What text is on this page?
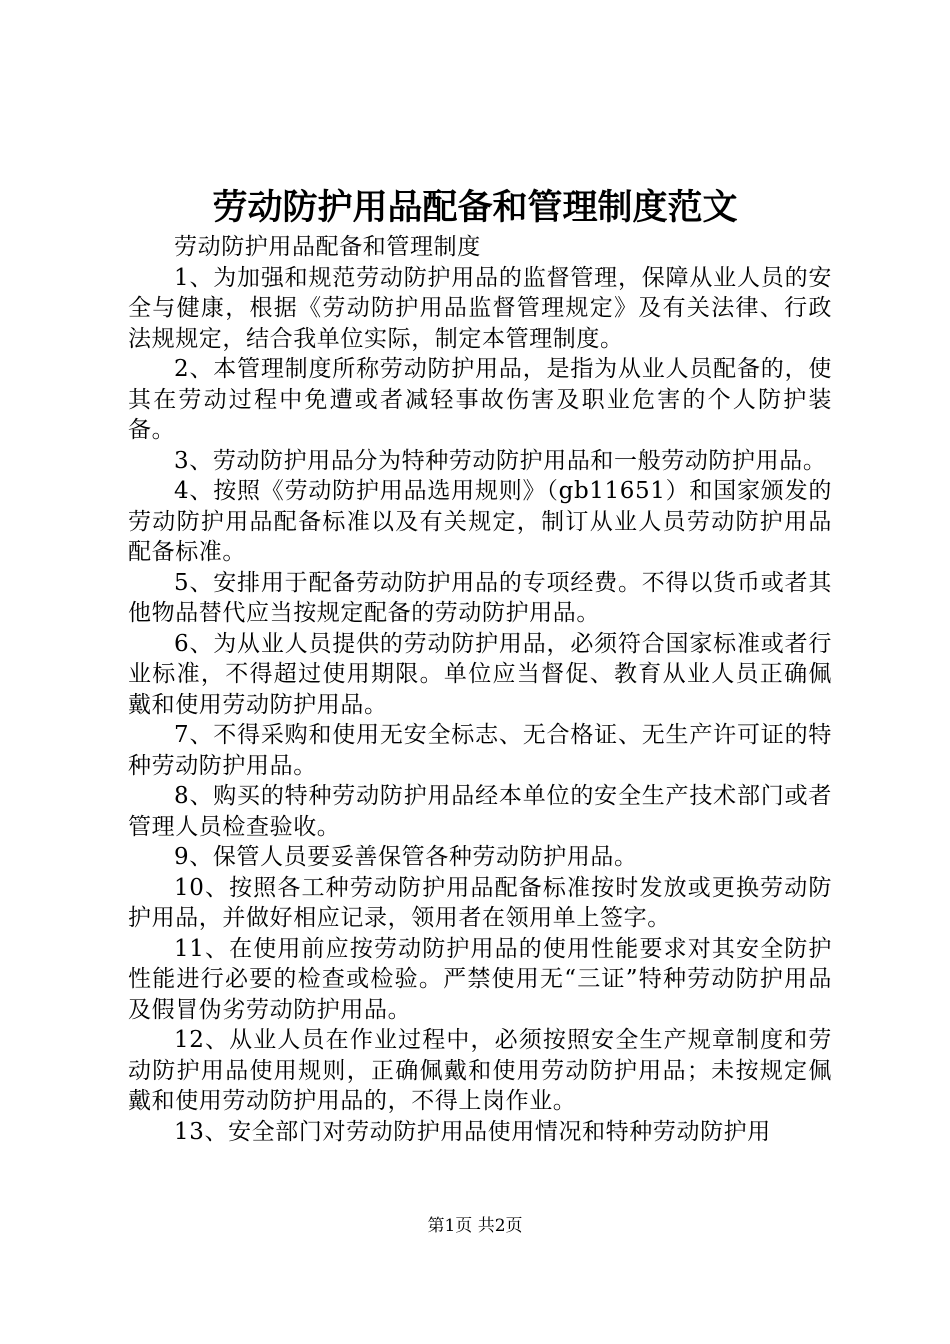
劳动防护用品配备和管理制度范文

劳动防护用品配备和管理制度

1、为加强和规范劳动防护用品的监督管理，保障从业人员的安全与健康，根据《劳动防护用品监督管理规定》及有关法律、行政法规规定，结合我单位实际，制定本管理制度。

2、本管理制度所称劳动防护用品，是指为从业人员配备的，使其在劳动过程中免遭或者减轻事故伤害及职业危害的个人防护装备。

3、劳动防护用品分为特种劳动防护用品和一般劳动防护用品。

4、按照《劳动防护用品选用规则》（gb11651）和国家颁发的劳动防护用品配备标准以及有关规定，制订从业人员劳动防护用品配备标准。

5、安排用于配备劳动防护用品的专项经费。不得以货币或者其他物品替代应当按规定配备的劳动防护用品。

6、为从业人员提供的劳动防护用品，必须符合国家标准或者行业标准，不得超过使用期限。单位应当督促、教育从业人员正确佩戴和使用劳动防护用品。

7、不得采购和使用无安全标志、无合格证、无生产许可证的特种劳动防护用品。

8、购买的特种劳动防护用品经本单位的安全生产技术部门或者管理人员检查验收。

9、保管人员要妥善保管各种劳动防护用品。

10、按照各工种劳动防护用品配备标准按时发放或更换劳动防护用品，并做好相应记录，领用者在领用单上签字。

11、在使用前应按劳动防护用品的使用性能要求对其安全防护性能进行必要的检查或检验。严禁使用无“三证”特种劳动防护用品及假冒伪劣劳动防护用品。

12、从业人员在作业过程中，必须按照安全生产规章制度和劳动防护用品使用规则，正确佩戴和使用劳动防护用品；未按规定佩戴和使用劳动防护用品的，不得上岗作业。

13、安全部门对劳动防护用品使用情况和特种劳动防护用

第1页 共2页
